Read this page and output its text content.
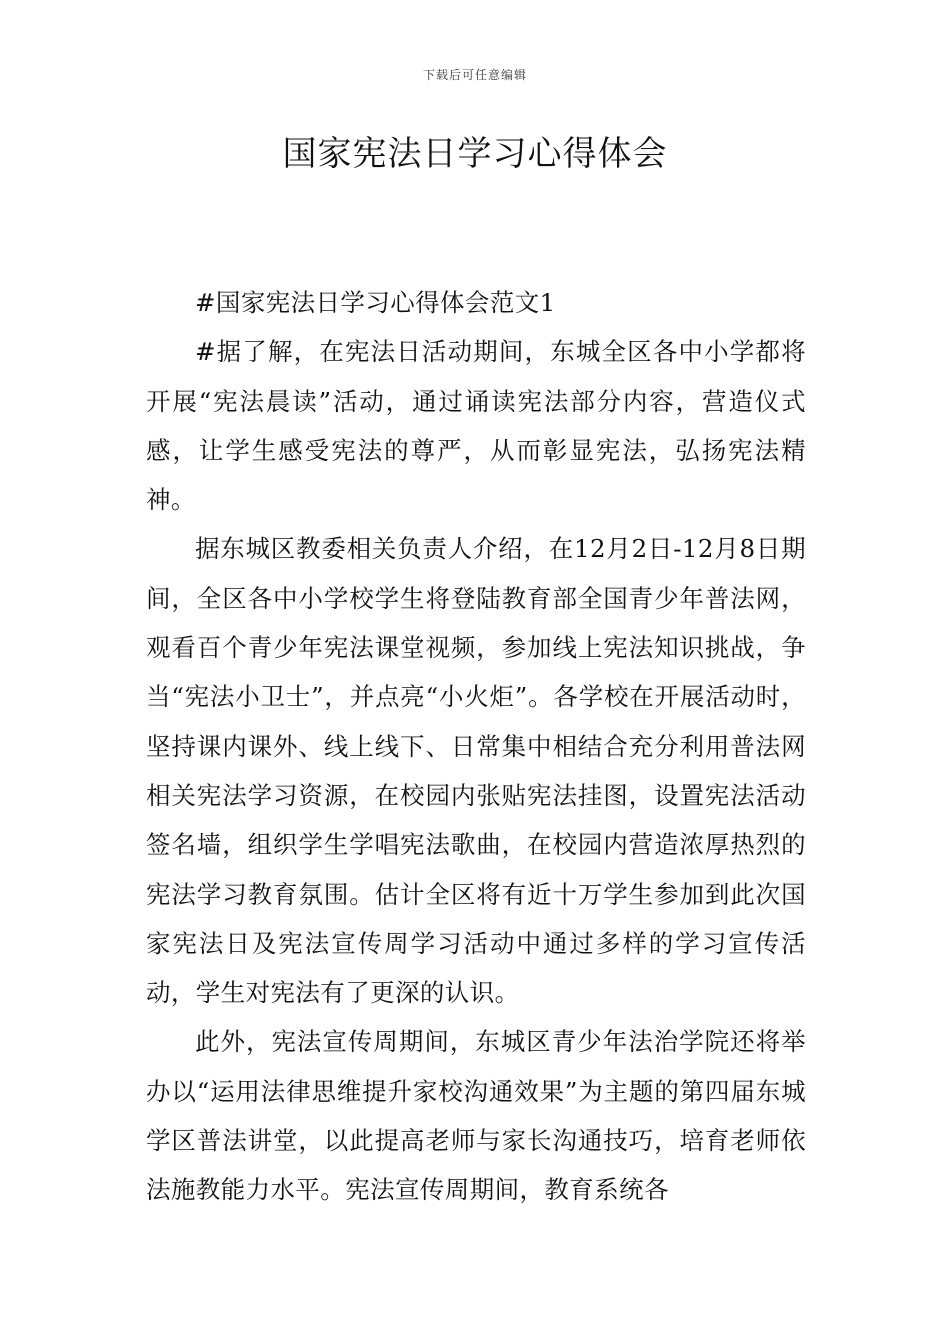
下载后可任意编辑
国家宪法日学习心得体会

#国家宪法日学习心得体会范文1

#据了解，在宪法日活动期间，东城全区各中小学都将开展“宪法晨读”活动，通过诵读宪法部分内容，营造仪式感，让学生感受宪法的尊严，从而彰显宪法，弘扬宪法精神。

据东城区教委相关负责人介绍，在12月2日-12月8日期间，全区各中小学校学生将登陆教育部全国青少年普法网，观看百个青少年宪法课堂视频，参加线上宪法知识挑战，争当“宪法小卫士”，并点亮“小火炬”。各学校在开展活动时，坚持课内课外、线上线下、日常集中相结合充分利用普法网相关宪法学习资源，在校园内张贴宪法挂图，设置宪法活动签名墙，组织学生学唱宪法歌曲，在校园内营造浓厚热烈的宪法学习教育氛围。估计全区将有近十万学生参加到此次国家宪法日及宪法宣传周学习活动中通过多样的学习宣传活动，学生对宪法有了更深的认识。

此外，宪法宣传周期间，东城区青少年法治学院还将举办以“运用法律思维提升家校沟通效果”为主题的第四届东城学区普法讲堂，以此提高老师与家长沟通技巧，培育老师依法施教能力水平。宪法宣传周期间，教育系统各
